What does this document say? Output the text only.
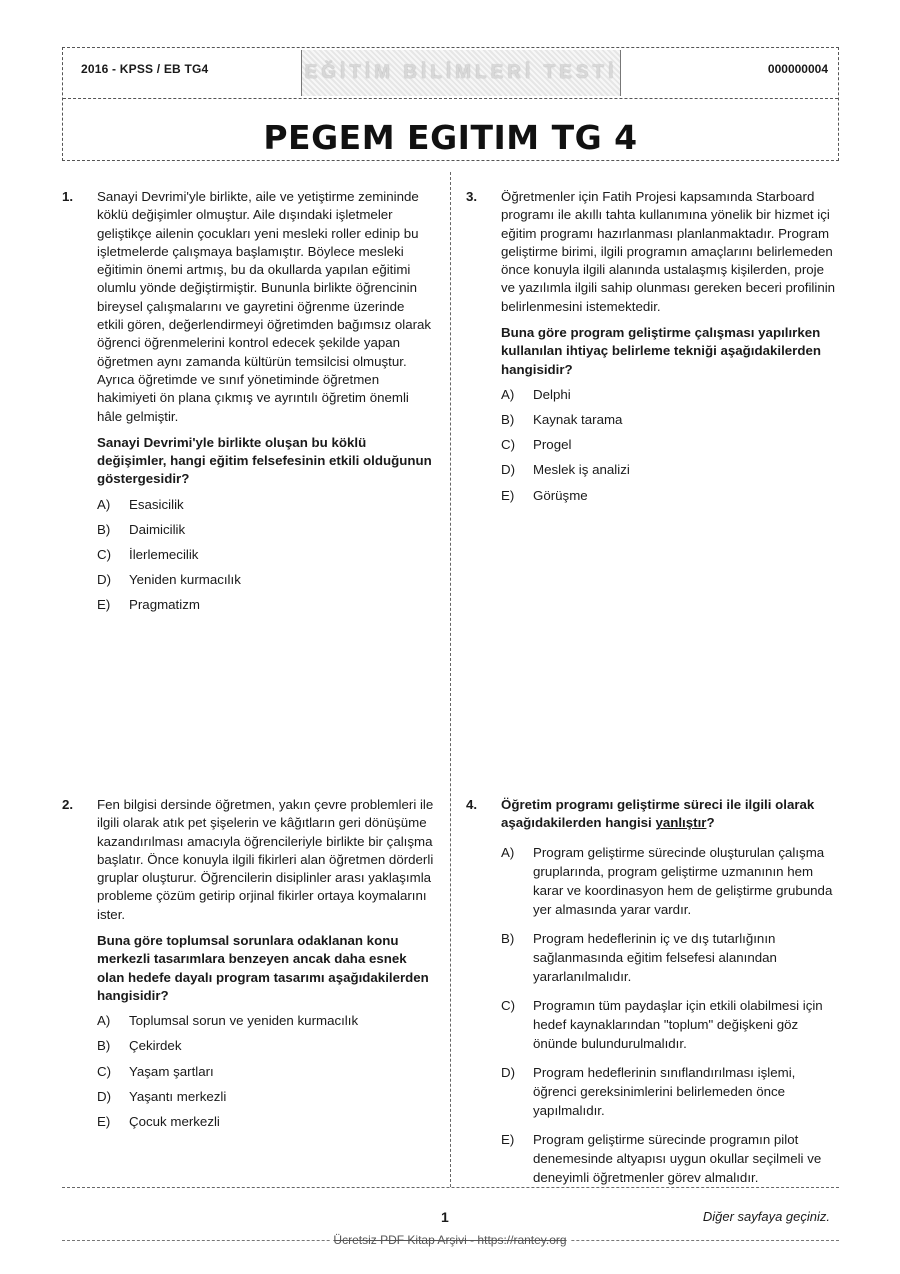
2016 - KPSS / EB TG4	EĞİTİM BİLİMLERİ TESTİ	000000004
PEGEM EGITIM TG 4
1. Sanayi Devrimi'yle birlikte, aile ve yetiştirme zemininde köklü değişimler olmuştur. Aile dışındaki işletmeler geliştikçe ailenin çocukları yeni mesleki roller edinip bu işletmelerde çalışmaya başlamıştır. Böylece mesleki eğitimin önemi artmış, bu da okullarda yapılan eğitimi olumlu yönde değiştirmiştir. Bununla birlikte öğrencinin bireysel çalışmalarını ve gayretini öğrenme üzerinde etkili gören, değerlendirmeyi öğretimden bağımsız olarak öğrenci öğrenmelerini kontrol edecek şekilde yapan öğretmen aynı zamanda kültürün temsilcisi olmuştur. Ayrıca öğretimde ve sınıf yönetiminde öğretmen hakimiyeti ön plana çıkmış ve ayrıntılı öğretim önemli hâle gelmiştir.

Sanayi Devrimi'yle birlikte oluşan bu köklü değişimler, hangi eğitim felsefesinin etkili olduğunun göstergesidir?

A)	Esasicilik
B)	Daimicilik
C)	İlerlemecilik
D)	Yeniden kurmacılık
E)	Pragmatizm
2. Fen bilgisi dersinde öğretmen, yakın çevre problemleri ile ilgili olarak atık pet şişelerin ve kâğıtların geri dönüşüme kazandırılması amacıyla öğrencileriyle birlikte bir çalışma başlatır. Önce konuyla ilgili fikirleri alan öğretmen dörderli gruplar oluşturur. Öğrencilerin disiplinler arası yaklaşımla probleme çözüm getirip orjinal fikirler ortaya koymalarını ister.

Buna göre toplumsal sorunlara odaklanan konu merkezli tasarımlara benzeyen ancak daha esnek olan hedefe dayalı program tasarımı aşağıdakilerden hangisidir?

A)	Toplumsal sorun ve yeniden kurmacılık
B)	Çekirdek
C)	Yaşam şartları
D)	Yaşantı merkezli
E)	Çocuk merkezli
3. Öğretmenler için Fatih Projesi kapsamında Starboard programı ile akıllı tahta kullanımına yönelik bir hizmet içi eğitim programı hazırlanması planlanmaktadır. Program geliştirme birimi, ilgili programın amaçlarını belirlemeden önce konuyla ilgili alanında ustalaşmış kişilerden, proje ve yazılımla ilgili sahip olunması gereken beceri profilinin belirlenmesini istemektedir.

Buna göre program geliştirme çalışması yapılırken kullanılan ihtiyaç belirleme tekniği aşağıdakilerden hangisidir?

A)	Delphi
B)	Kaynak tarama
C)	Progel
D)	Meslek iş analizi
E)	Görüşme
4. Öğretim programı geliştirme süreci ile ilgili olarak aşağıdakilerden hangisi yanlıştır?

A)	Program geliştirme sürecinde oluşturulan çalışma gruplarında, program geliştirme uzmanının hem karar ve koordinasyon hem de geliştirme grubunda yer almasında yarar vardır.
B)	Program hedeflerinin iç ve dış tutarlığının sağlanmasında eğitim felsefesi alanından yararlanılmalıdır.
C)	Programın tüm paydaşlar için etkili olabilmesi için hedef kaynaklarından "toplum" değişkeni göz önünde bulundurulmalıdır.
D)	Program hedeflerinin sınıflandırılması işlemi, öğrenci gereksinimlerini belirlemeden önce yapılmalıdır.
E)	Program geliştirme sürecinde programın pilot denemesinde altyapısı uygun okullar seçilmeli ve deneyimli öğretmenler görev almalıdır.
1	Diğer sayfaya geçiniz.
Ücretsiz PDF Kitap Arşivi - https://rantey.org
